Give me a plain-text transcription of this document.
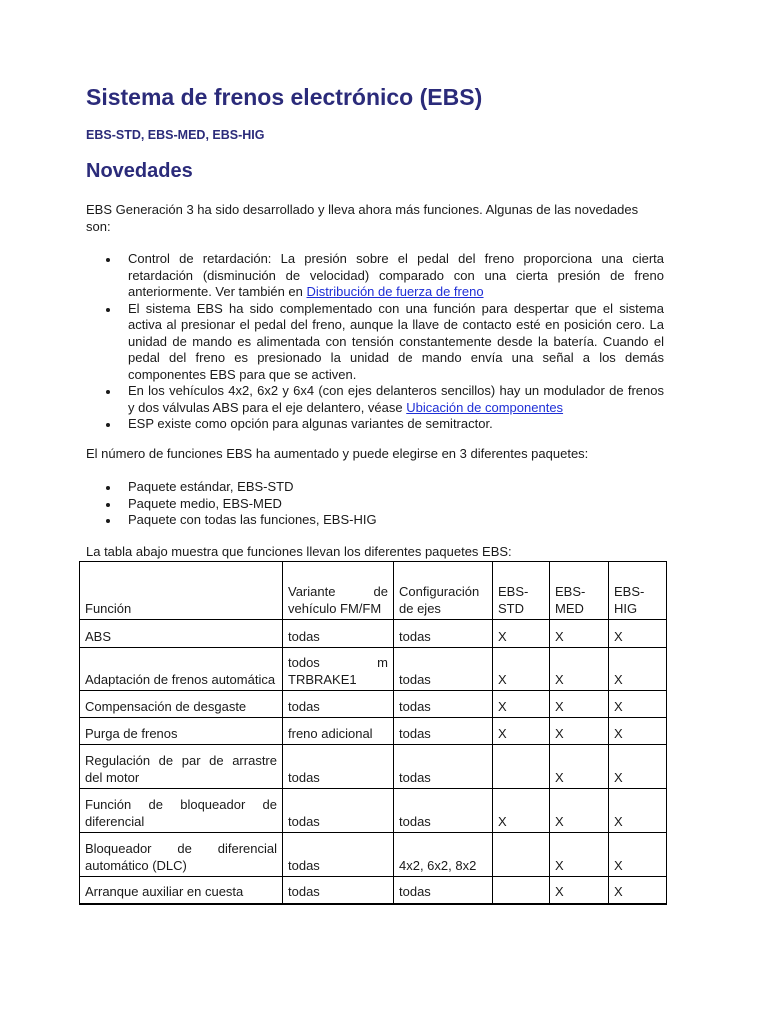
Sistema de frenos electrónico (EBS)
EBS-STD, EBS-MED, EBS-HIG
Novedades

EBS Generación 3 ha sido desarrollado y lleva ahora más funciones. Algunas de las novedades son:

Control de retardación: La presión sobre el pedal del freno proporciona una cierta retardación (disminución de velocidad) comparado con una cierta presión de freno anteriormente. Ver también en Distribución de fuerza de freno
El sistema EBS ha sido complementado con una función para despertar que el sistema activa al presionar el pedal del freno, aunque la llave de contacto esté en posición cero. La unidad de mando es alimentada con tensión constantemente desde la batería. Cuando el pedal del freno es presionado la unidad de mando envía una señal a los demás componentes EBS para que se activen.
En los vehículos 4x2, 6x2 y 6x4 (con ejes delanteros sencillos) hay un modulador de frenos y dos válvulas ABS para el eje delantero, véase Ubicación de componentes
ESP existe como opción para algunas variantes de semitractor.

El número de funciones EBS ha aumentado y puede elegirse en 3 diferentes paquetes:

Paquete estándar, EBS-STD
Paquete medio, EBS-MED
Paquete con todas las funciones, EBS-HIG

La tabla abajo muestra que funciones llevan los diferentes paquetes EBS:

Función	Variante de vehículo FM/FM	Configuración de ejes	EBS-STD	EBS-MED	EBS-HIG
ABS	todas	todas	X	X	X
Adaptación de frenos automática	todos m TRBRAKE1	todas	X	X	X
Compensación de desgaste	todas	todas	X	X	X
Purga de frenos	freno adicional	todas	X	X	X
Regulación de par de arrastre del motor	todas	todas		X	X
Función de bloqueador de diferencial	todas	todas	X	X	X
Bloqueador de diferencial automático (DLC)	todas	4x2, 6x2, 8x2		X	X
Arranque auxiliar en cuesta	todas	todas		X	X
